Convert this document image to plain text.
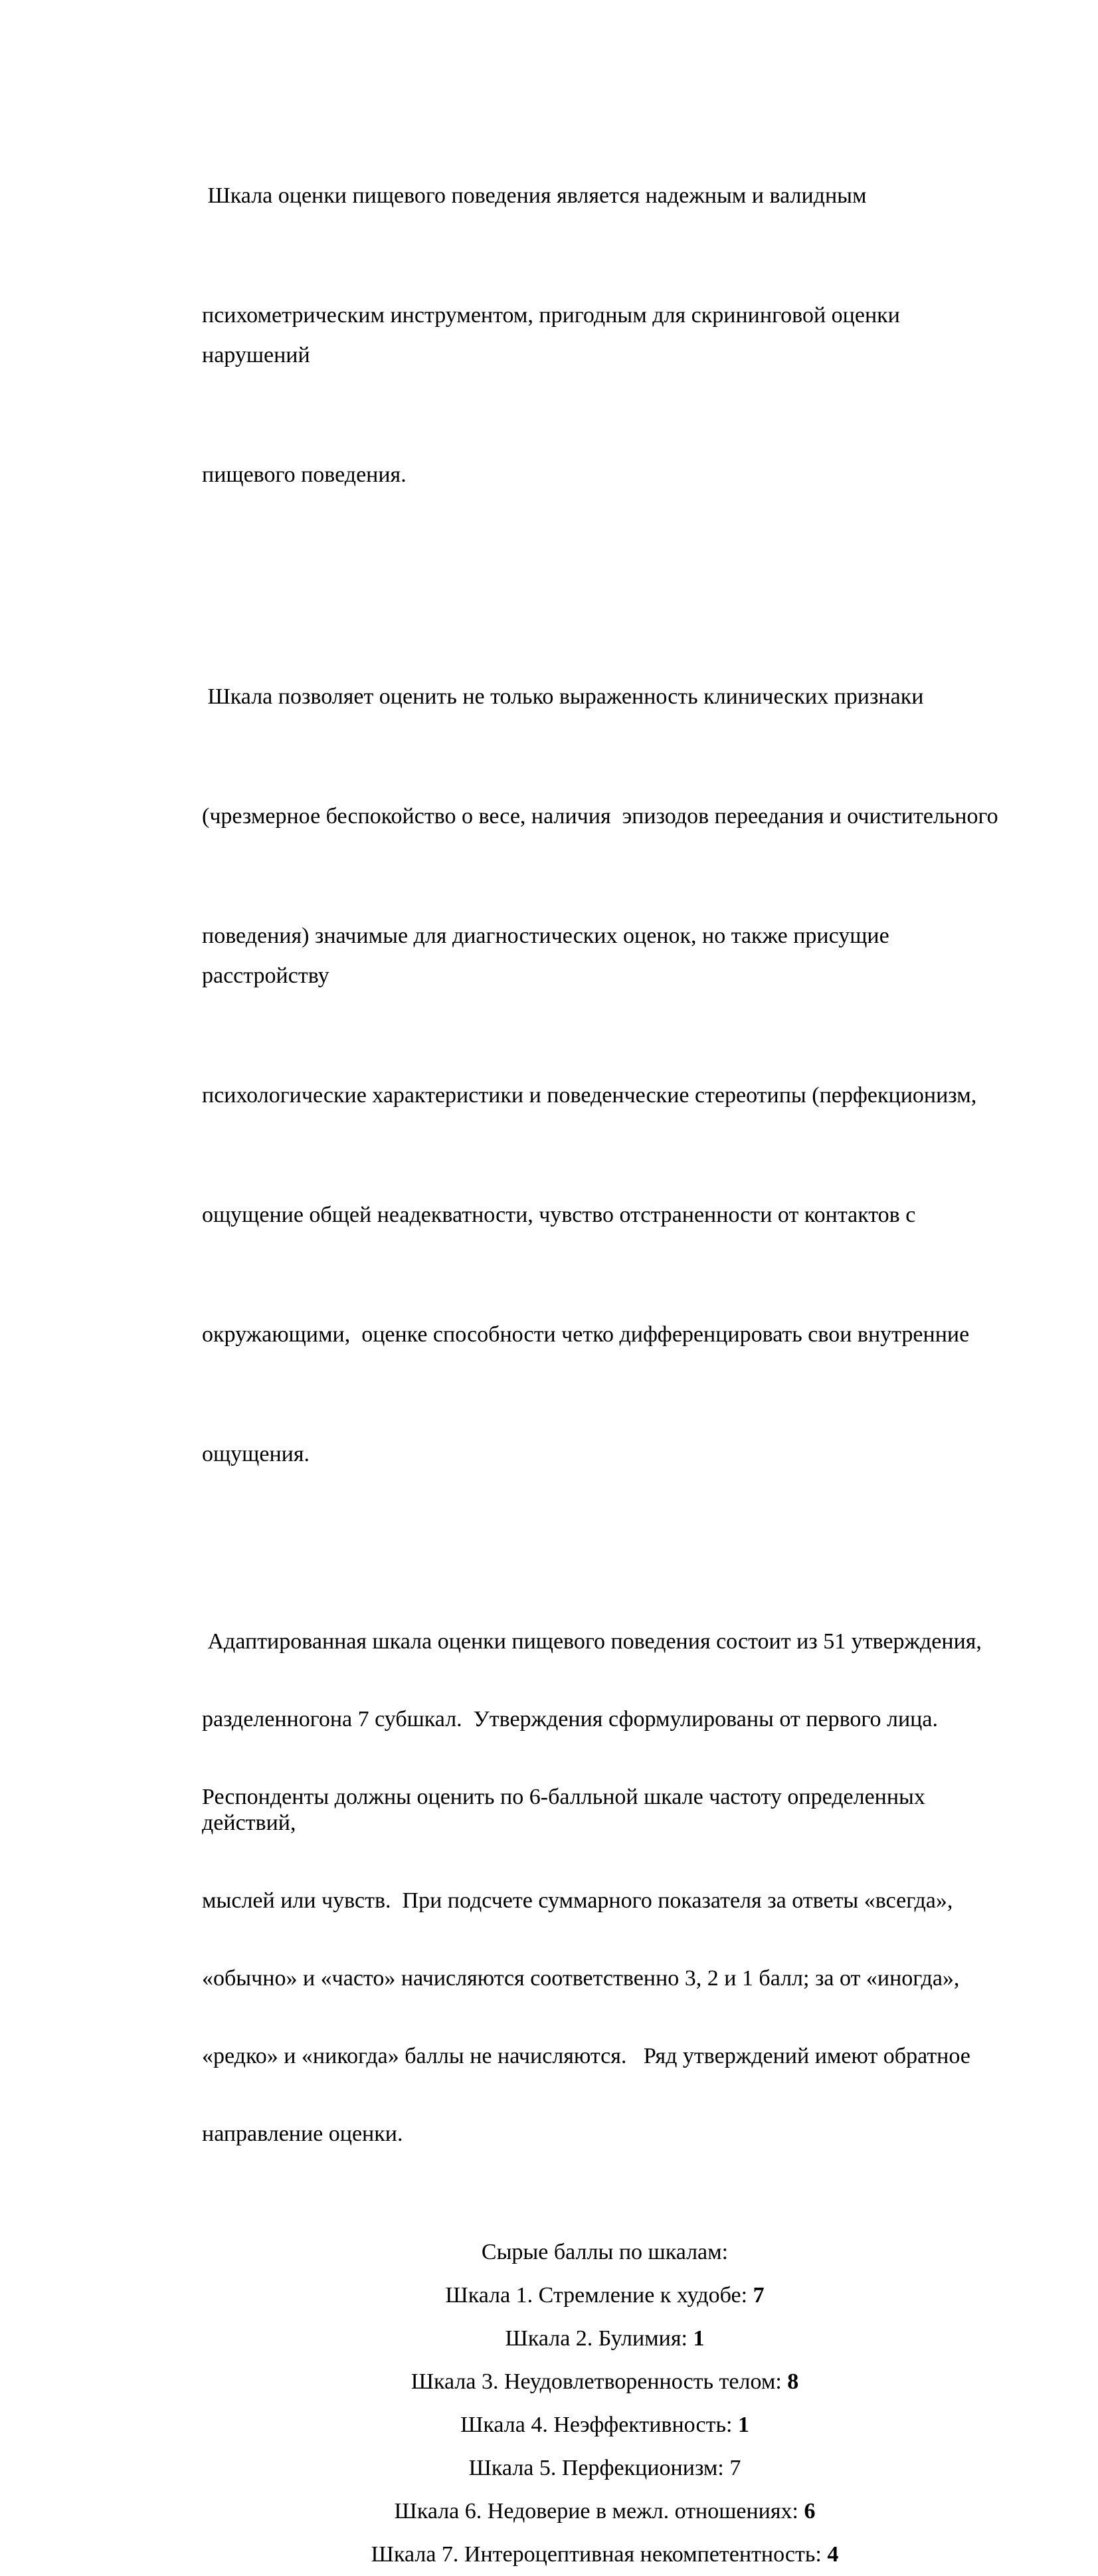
Шкала оценки пищевого поведения является надежным и валидным

психометрическим инструментом, пригодным для скрининговой оценки нарушений

пищевого поведения.

Шкала позволяет оценить не только выраженность клинических признаки

(чрезмерное беспокойство о весе, наличия  эпизодов переедания и очистительного

поведения) значимые для диагностических оценок, но также присущие расстройству

психологические характеристики и поведенческие стереотипы (перфекционизм,

ощущение общей неадекватности, чувство отстраненности от контактов с

окружающими,  оценке способности четко дифференцировать свои внутренние

ощущения.

Адаптированная шкала оценки пищевого поведения состоит из 51 утверждения,

разделенногона 7 субшкал.  Утверждения сформулированы от первого лица.

Респонденты должны оценить по 6-балльной шкале частоту определенных действий,

мыслей или чувств.  При подсчете суммарного показателя за ответы «всегда»,

«обычно» и «часто» начисляются соответственно 3, 2 и 1 балл; за от «иногда»,

«редко» и «никогда» баллы не начисляются.   Ряд утверждений имеют обратное

направление оценки.

Сырые баллы по шкалам:
Шкала 1. Стремление к худобе: 7
Шкала 2. Булимия: 1
Шкала 3. Неудовлетворенность телом: 8
Шкала 4. Неэффективность: 1
Шкала 5. Перфекционизм: 7
Шкала 6. Недоверие в межл. отношениях: 6
Шкала 7. Интероцептивная некомпетентность: 4
